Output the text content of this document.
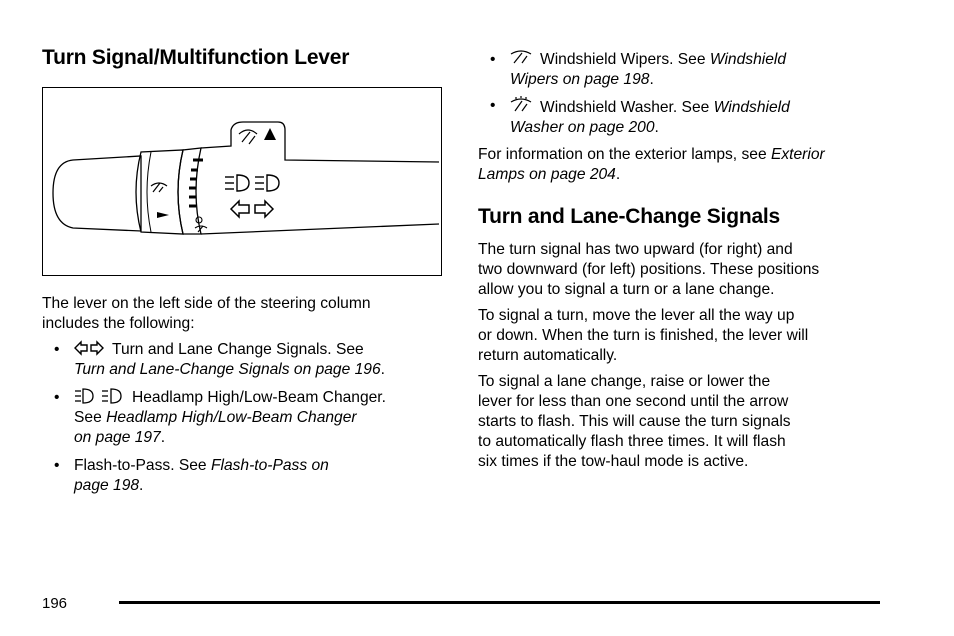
Turn Signal/Multifunction Lever

The lever on the left side of the steering column

includes the following:

• Turn and Lane Change Signals. See
Turn and Lane-Change Signals on page 196.
• Headlamp High/Low-Beam Changer.
See Headlamp High/Low-Beam Changer
on page 197.
• Flash-to-Pass. See Flash-to-Pass on
page 198.
• Windshield Wipers. See Windshield
Wipers on page 198.
• Windshield Washer. See Windshield
Washer on page 200.

For information on the exterior lamps, see Exterior
Lamps on page 204.

Turn and Lane-Change Signals

The turn signal has two upward (for right) and

two downward (for left) positions. These positions

allow you to signal a turn or a lane change.

To signal a turn, move the lever all the way up

or down. When the turn is finished, the lever will

return automatically.

To signal a lane change, raise or lower the

lever for less than one second until the arrow

starts to flash. This will cause the turn signals

to automatically flash three times. It will flash

six times if the tow-haul mode is active.

196
